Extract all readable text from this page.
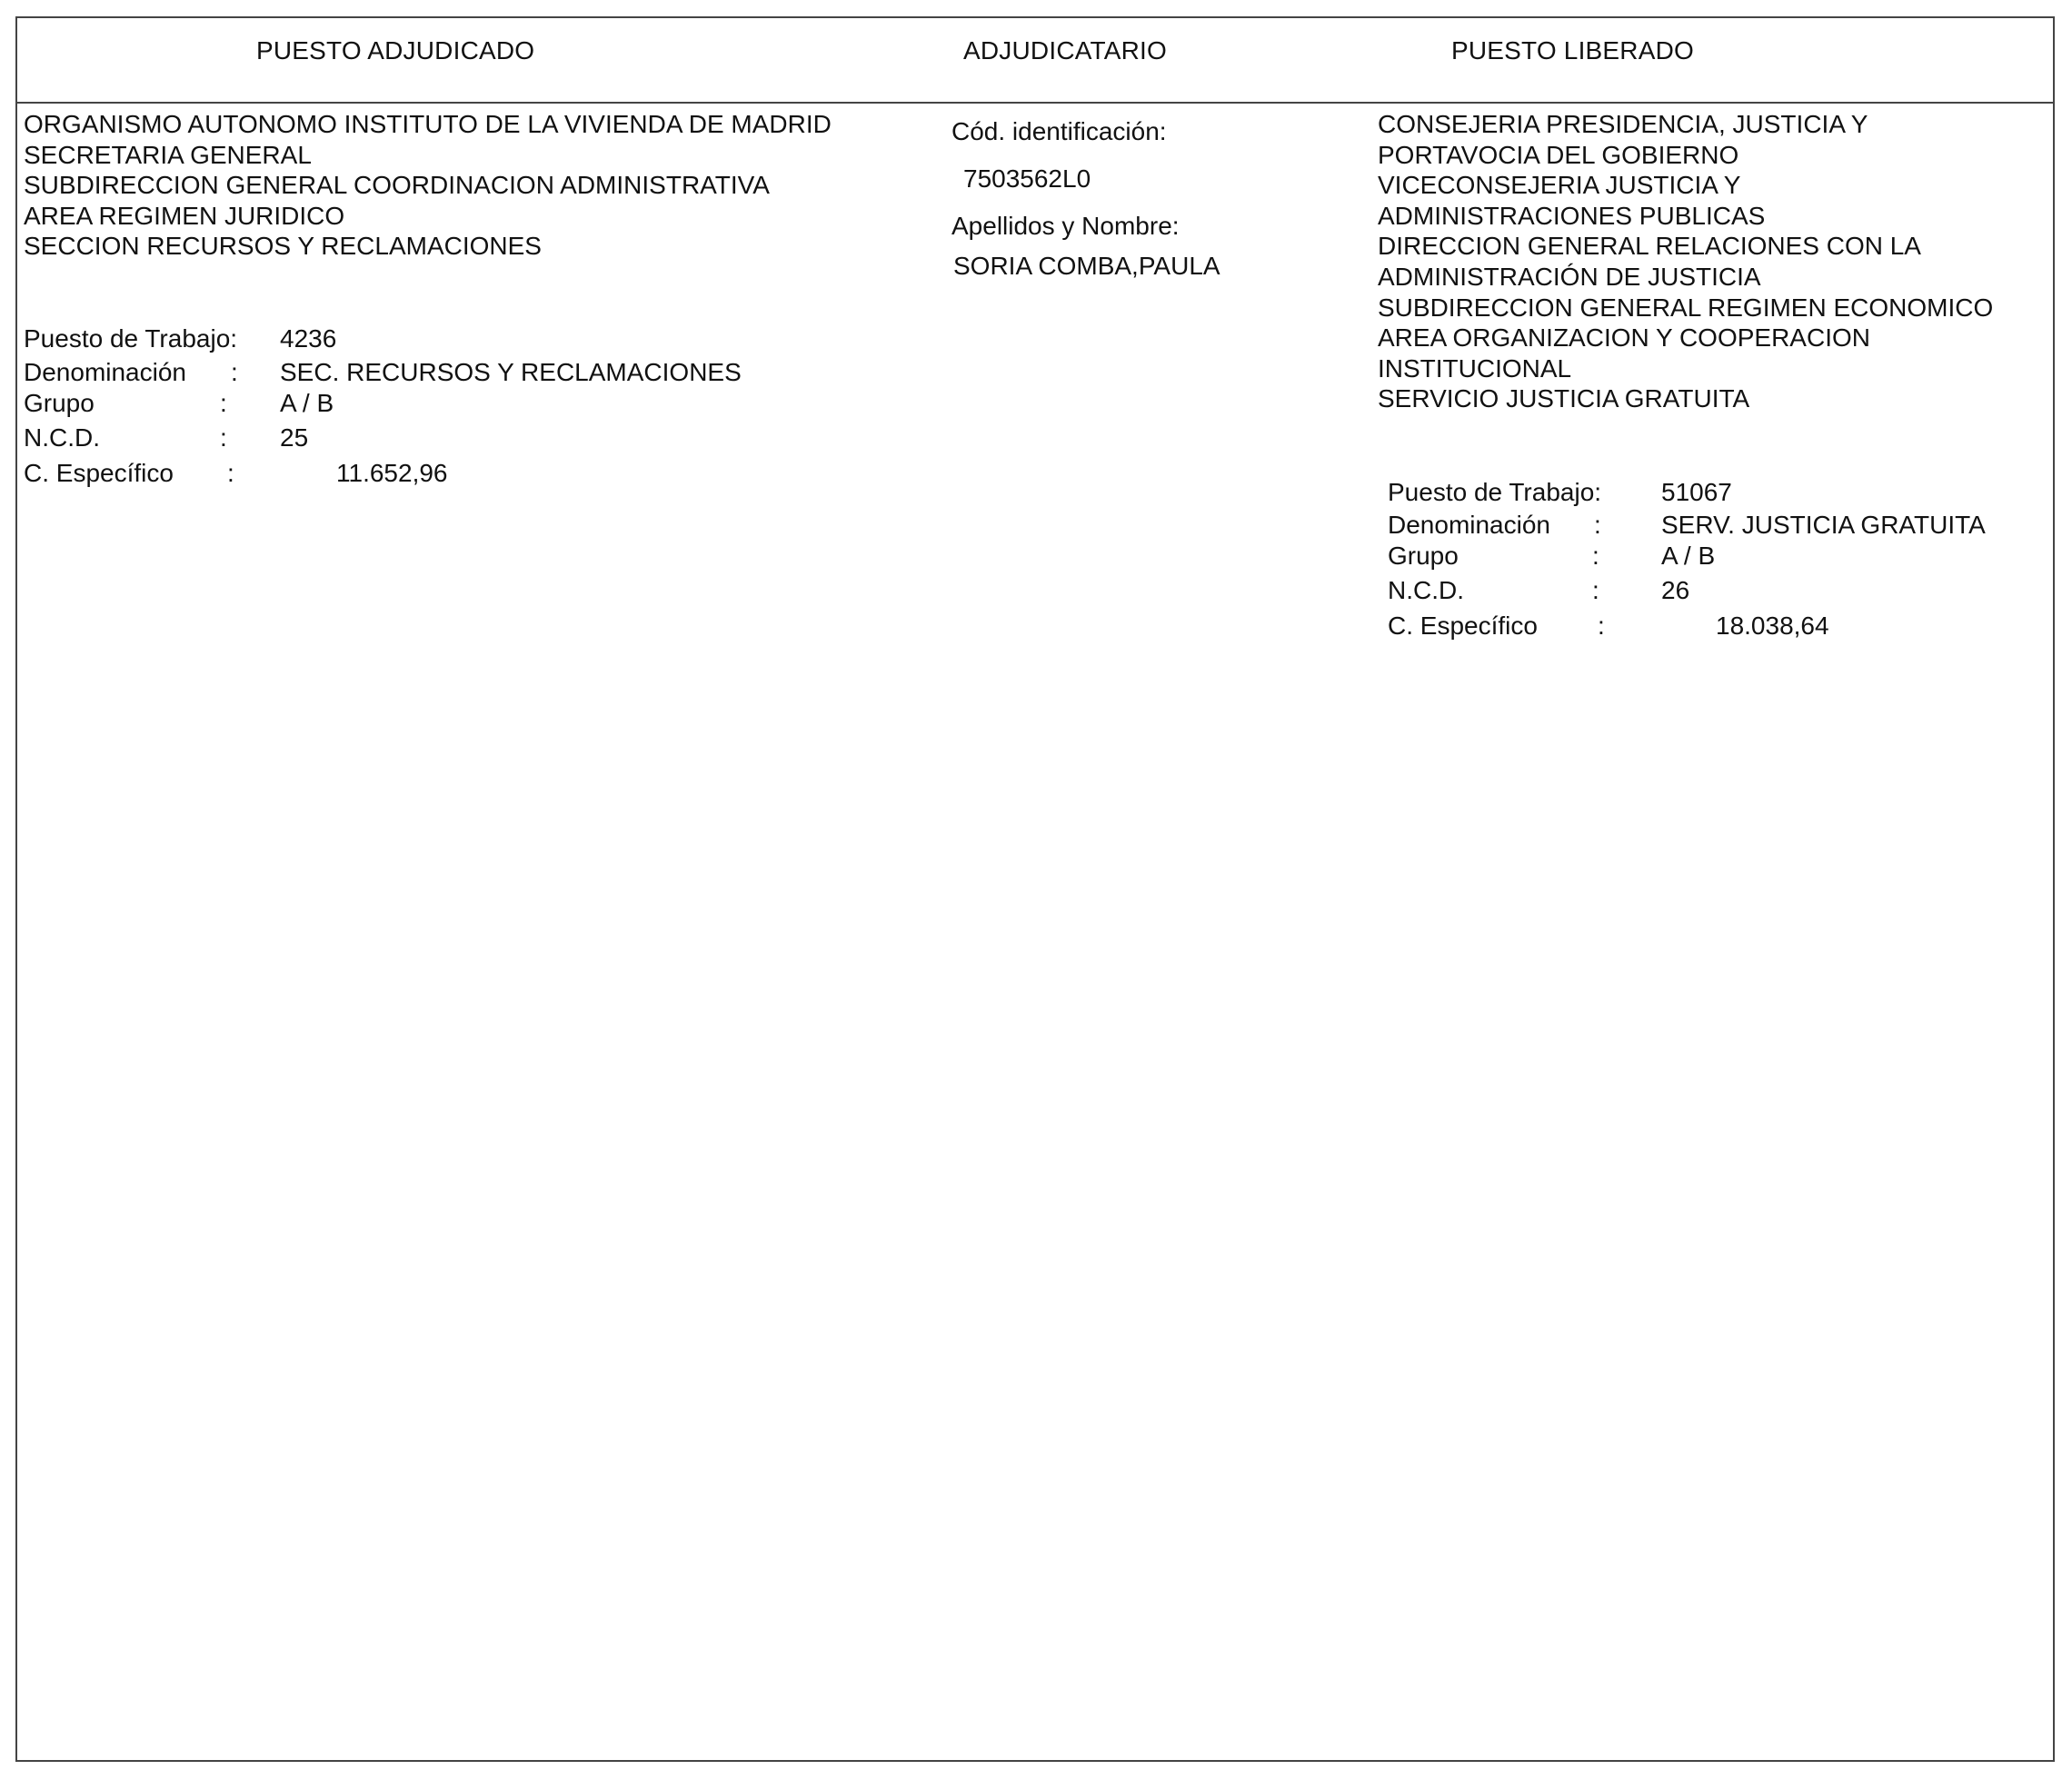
PUESTO ADJUDICADO	ADJUDICATARIO	PUESTO LIBERADO
ORGANISMO AUTONOMO INSTITUTO DE LA VIVIENDA DE MADRID
SECRETARIA GENERAL
SUBDIRECCION GENERAL COORDINACION ADMINISTRATIVA
AREA REGIMEN JURIDICO
SECCION RECURSOS Y RECLAMACIONES
Puesto de Trabajo: 4236
Denominación : SEC. RECURSOS Y RECLAMACIONES
Grupo	: A / B
N.C.D.	: 25
C. Específico :	11.652,96
Cód. identificación:
7503562L0
Apellidos y Nombre:
SORIA COMBA,PAULA
CONSEJERIA PRESIDENCIA, JUSTICIA Y
PORTAVOCIA DEL GOBIERNO
VICECONSEJERIA JUSTICIA Y
ADMINISTRACIONES PUBLICAS
DIRECCION GENERAL RELACIONES CON LA
ADMINISTRACIÓN DE JUSTICIA
SUBDIRECCION GENERAL REGIMEN ECONOMICO
AREA ORGANIZACION Y COOPERACION
INSTITUCIONAL
SERVICIO JUSTICIA GRATUITA
Puesto de Trabajo: 51067
Denominación : SERV. JUSTICIA GRATUITA
Grupo	: A / B
N.C.D.	: 26
C. Específico :	18.038,64
